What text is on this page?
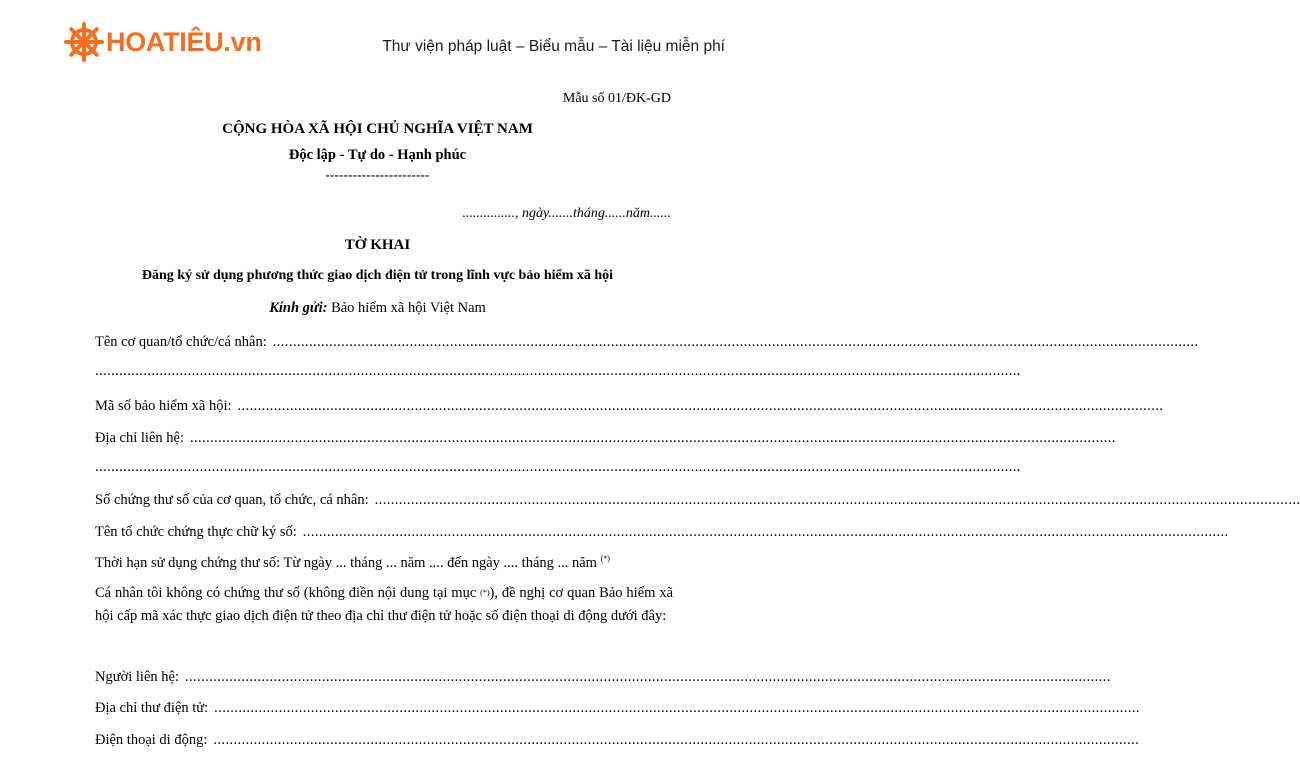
HOATIÊU.vn	Thư viện pháp luật – Biểu mẫu – Tài liệu miễn phí
Mẫu số 01/ĐK-GD
CỘNG HÒA XÃ HỘI CHỦ NGHĨA VIỆT NAM
Độc lập - Tự do - Hạnh phúc
-----------------------
..............., ngày.......tháng......năm......
TỜ KHAI
Đăng ký sử dụng phương thức giao dịch điện tử trong lĩnh vực bảo hiểm xã hội
Kính gửi: Bảo hiểm xã hội Việt Nam
Tên cơ quan/tổ chức/cá nhân: ......................................................................................................................................................................................................................................
......................................................................................................................................................................................................................................
Mã số bảo hiểm xã hội: ......................................................................................................................................................................................................................................
Địa chỉ liên hệ: ......................................................................................................................................................................................................................................
......................................................................................................................................................................................................................................
Số chứng thư số của cơ quan, tổ chức, cá nhân: ......................................................................................................................................................................................................................................
Tên tổ chức chứng thực chữ ký số: ......................................................................................................................................................................................................................................
Thời hạn sử dụng chứng thư số: Từ ngày ... tháng ... năm .... đến ngày .... tháng ... năm (*)
Cá nhân tôi không có chứng thư số (không điền nội dung tại mục (*)), đề nghị cơ quan Bảo hiểm xã hội cấp mã xác thực giao dịch điện tử theo địa chỉ thư điện tử hoặc số điện thoại di động dưới đây:
Người liên hệ: ......................................................................................................................................................................................................................................
Địa chỉ thư điện tử: ......................................................................................................................................................................................................................................
Điện thoại di động: ......................................................................................................................................................................................................................................
